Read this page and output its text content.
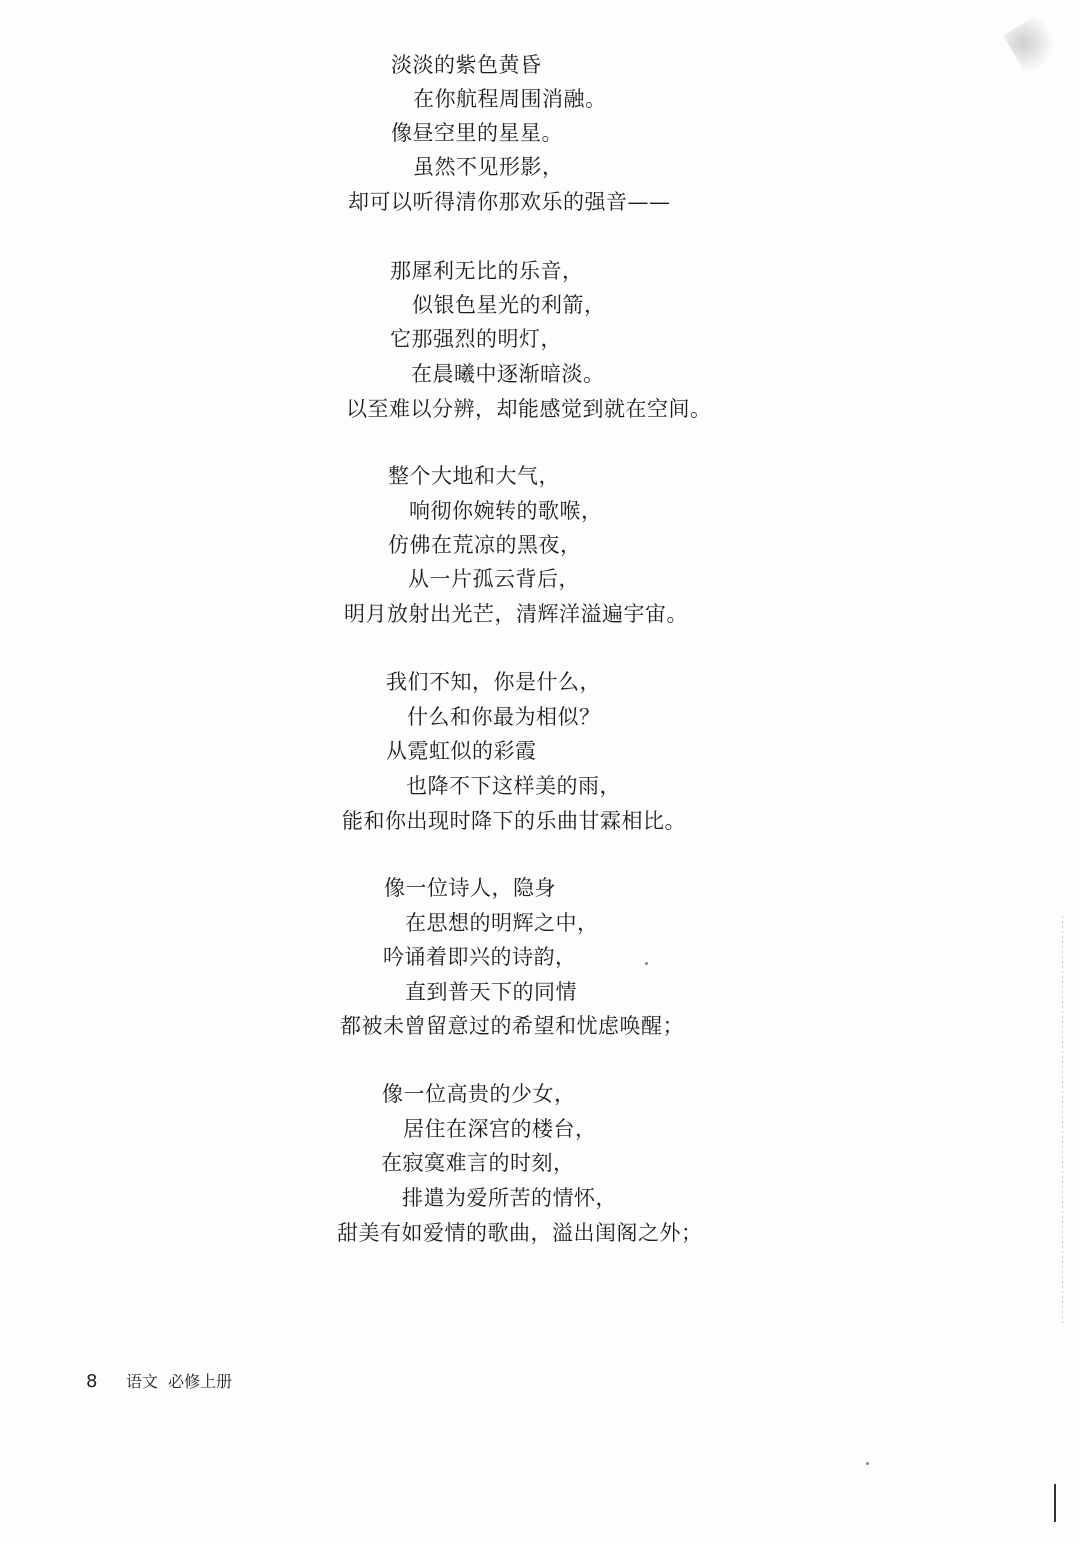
淡淡的紫色黄昏
在你航程周围消融。
像昼空里的星星。
虽然不见形影，
却可以听得清你那欢乐的强音——
那犀利无比的乐音，
似银色星光的利箭，
它那强烈的明灯，
在晨曦中逐渐暗淡。
以至难以分辨，却能感觉到就在空间。
整个大地和大气，
响彻你婉转的歌喉，
仿佛在荒凉的黑夜，
从一片孤云背后，
明月放射出光芒，清辉洋溢遍宇宙。
我们不知，你是什么，
什么和你最为相似？
从霓虹似的彩霞
也降不下这样美的雨，
能和你出现时降下的乐曲甘霖相比。
像一位诗人，隐身
在思想的明辉之中，
吟诵着即兴的诗韵，
直到普天下的同情
都被未曾留意过的希望和忧虑唤醒；
像一位高贵的少女，
居住在深宫的楼台，
在寂寞难言的时刻，
排遣为爱所苦的情怀，
甜美有如爱情的歌曲，溢出闺阁之外；
8 语文  必修上册
